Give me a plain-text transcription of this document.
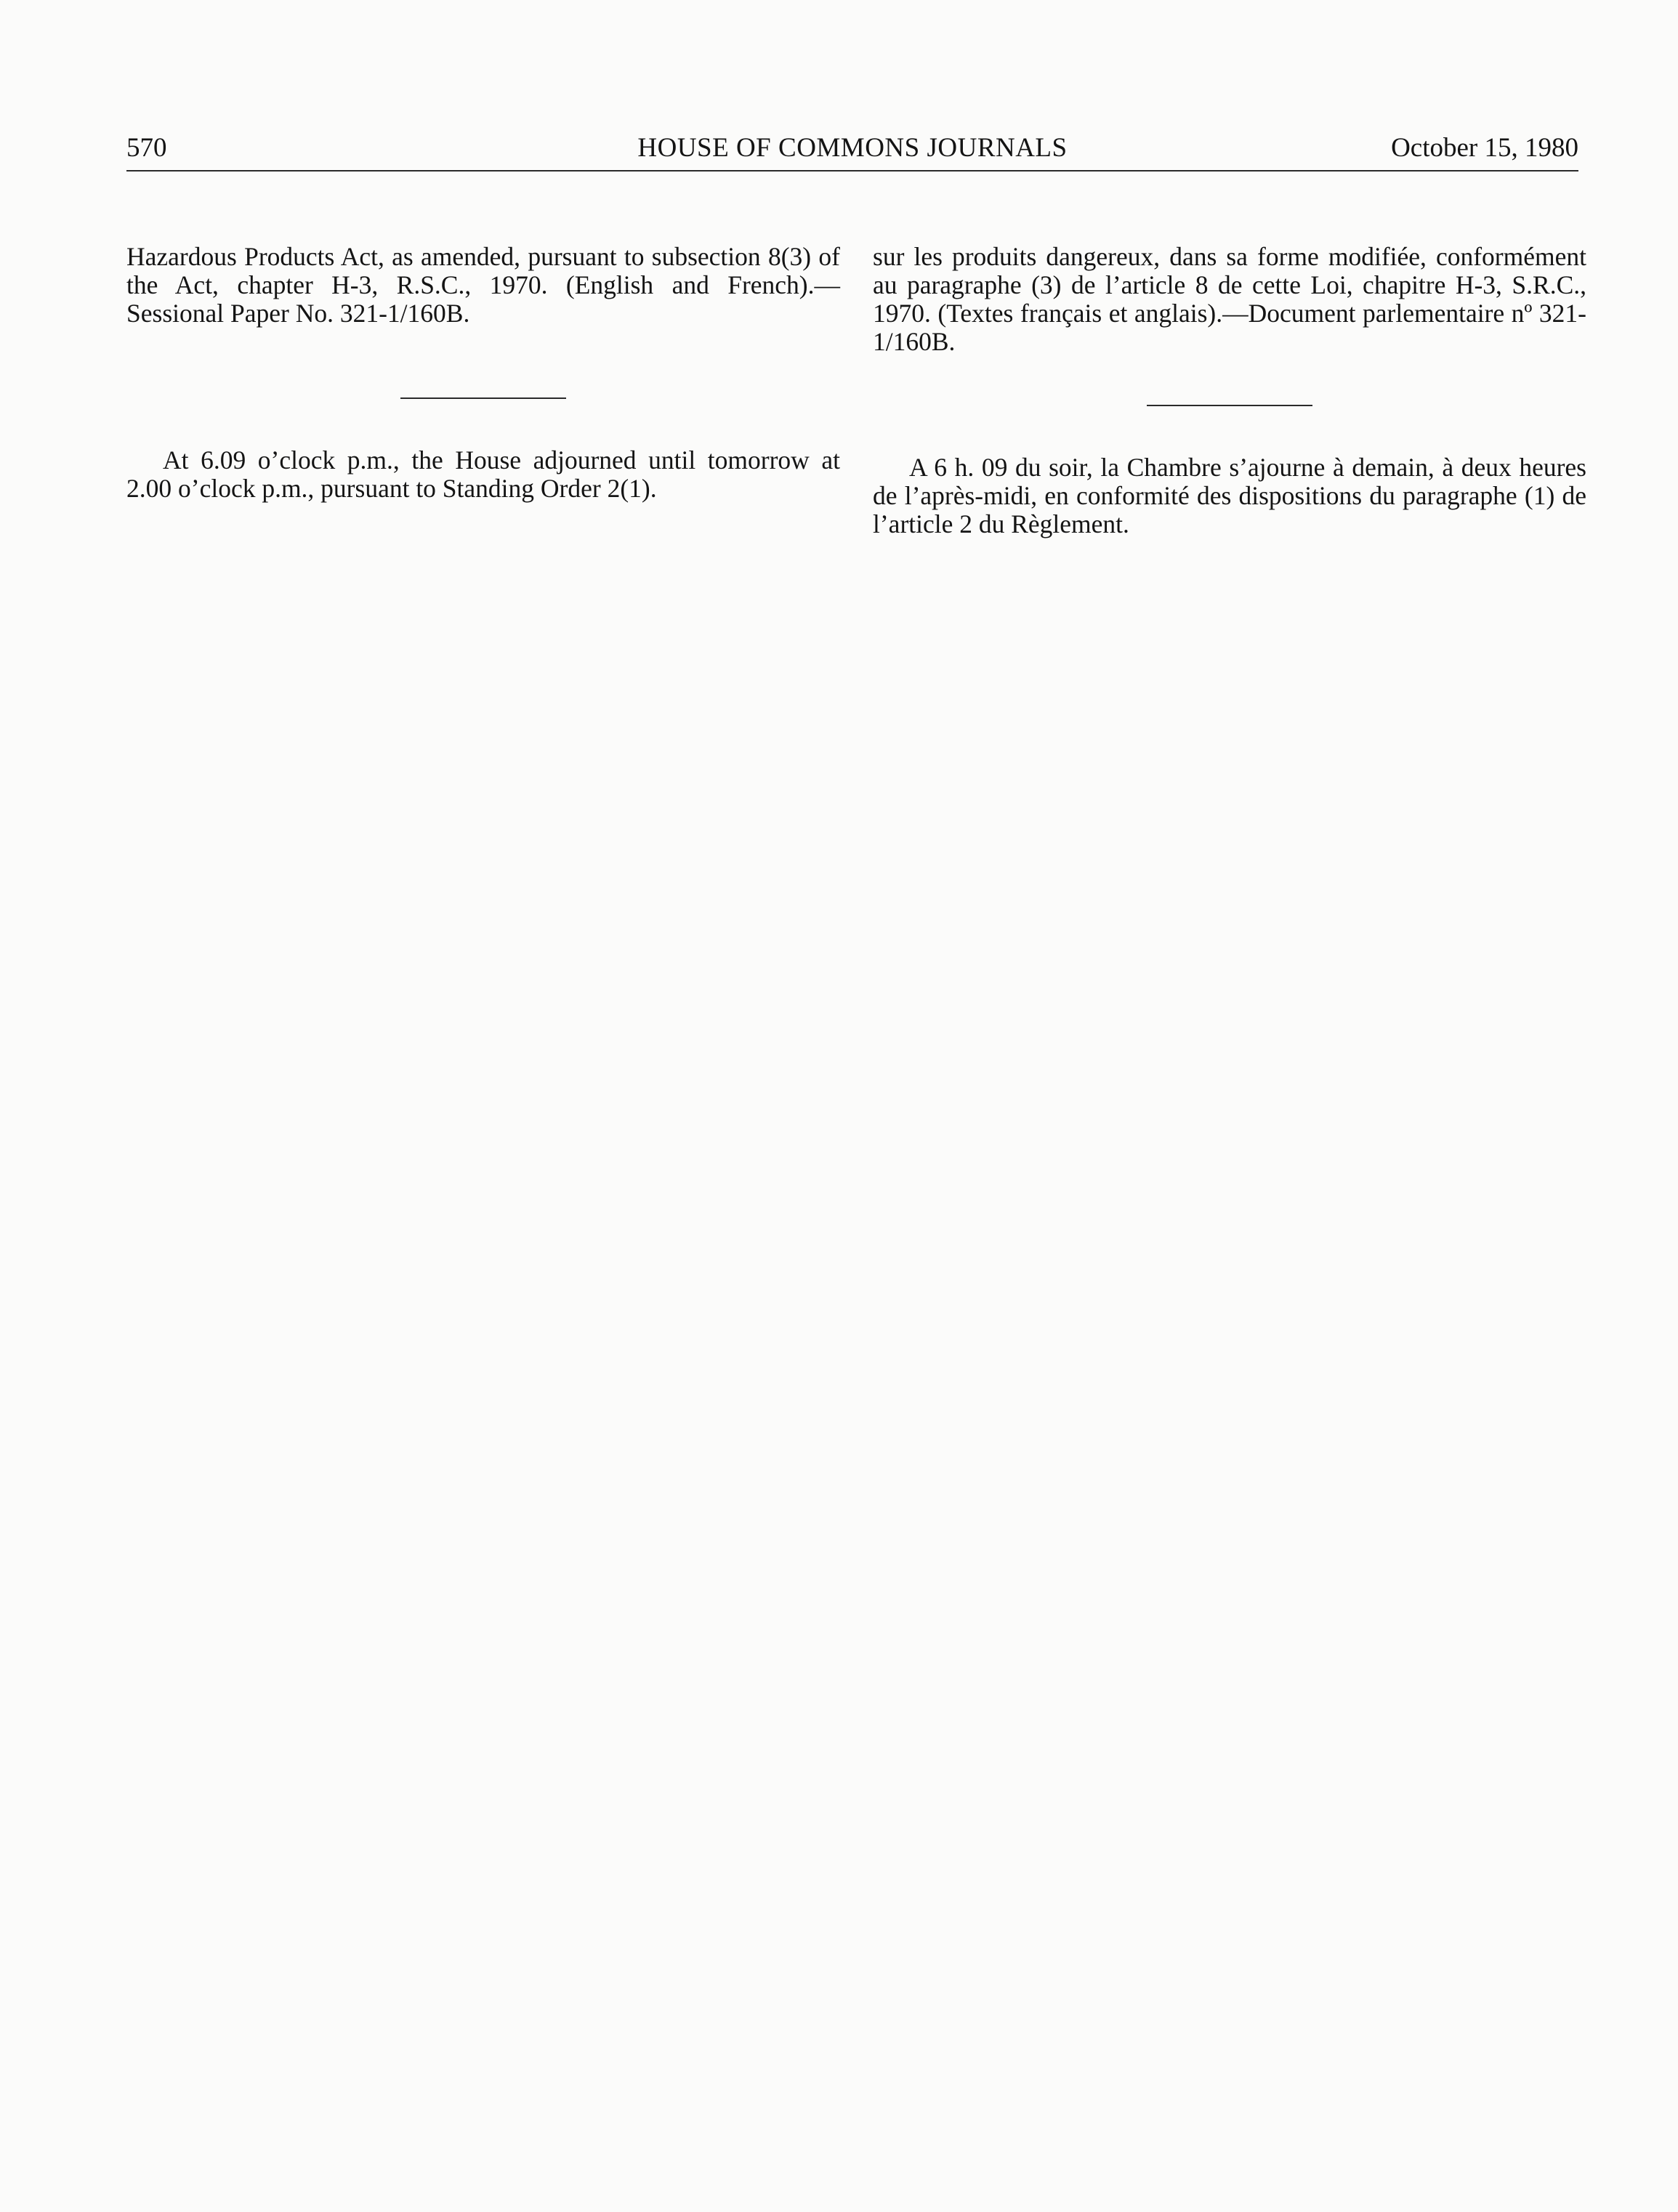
570	HOUSE OF COMMONS JOURNALS	October 15, 1980

Hazardous Products Act, as amended, pursuant to subsection 8(3) of the Act, chapter H-3, R.S.C., 1970. (English and French).—Sessional Paper No. 321-1/160B.

At 6.09 o’clock p.m., the House adjourned until tomorrow at 2.00 o’clock p.m., pursuant to Standing Order 2(1).

sur les produits dangereux, dans sa forme modifiée, conformément au paragraphe (3) de l’article 8 de cette Loi, chapitre H-3, S.R.C., 1970. (Textes français et anglais).—Document parlementaire nº 321-1/160B.

A 6 h. 09 du soir, la Chambre s’ajourne à demain, à deux heures de l’après-midi, en conformité des dispositions du paragraphe (1) de l’article 2 du Règlement.
